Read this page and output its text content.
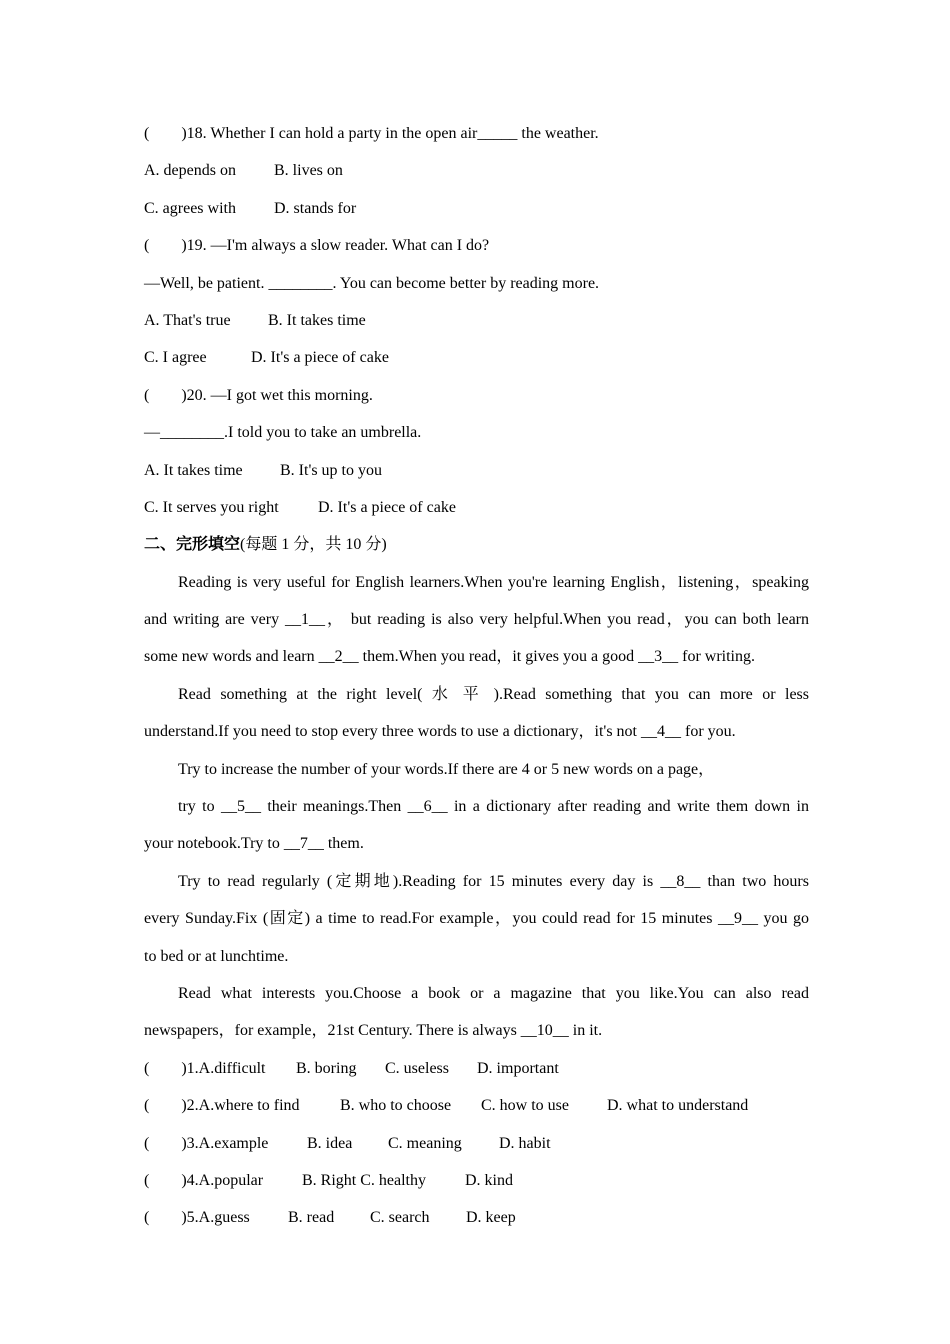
(        )18. Whether I can hold a party in the open air_____ the weather.
A. depends on B. lives on
C. agrees with D. stands for
(        )19. —I'm always a slow reader. What can I do?
—Well, be patient. ________. You can become better by reading more.
A. That's true B. It takes time
C. I agree	D. It's a piece of cake
(        )20. —I got wet this morning.
—________.I told you to take an umbrella.
A. It takes time B. It's up to you
C. It serves you right D. It's a piece of cake
二、完形填空(每题 1 分，共 10 分)
Reading is very useful for English learners.When you're learning English，listening，speaking
and writing are very __1__， but reading is also very helpful.When you read，you can both learn
some new words and learn __2__ them.When you read，it gives you a good __3__ for writing.
Read something at the right level( 水 平 ).Read something that you can more or less
understand.If you need to stop every three words to use a dictionary，it's not __4__ for you.
Try to increase the number of your words.If there are 4 or 5 new words on a page，
try to __5__ their meanings.Then __6__ in a dictionary after reading and write them down in
your notebook.Try to __7__ them.
Try to read regularly (定期地).Reading for 15 minutes every day is __8__ than two hours
every Sunday.Fix (固定) a time to read.For example，you could read for 15 minutes __9__ you go
to bed or at lunchtime.
Read what interests you.Choose a book or a magazine that you like.You can also read
newspapers，for example，21st Century. There is always __10__ in it.
(        )1.A.difficult B. boring C. useless D. important
(        )2.A.where to find	B. who to choose C. how to use D. what to understand
(        )3.A.example B. idea C. meaning D. habit
(        )4.A.popular B. Right C. healthy D. kind
(        )5.A.guess B. read C. search D. keep
